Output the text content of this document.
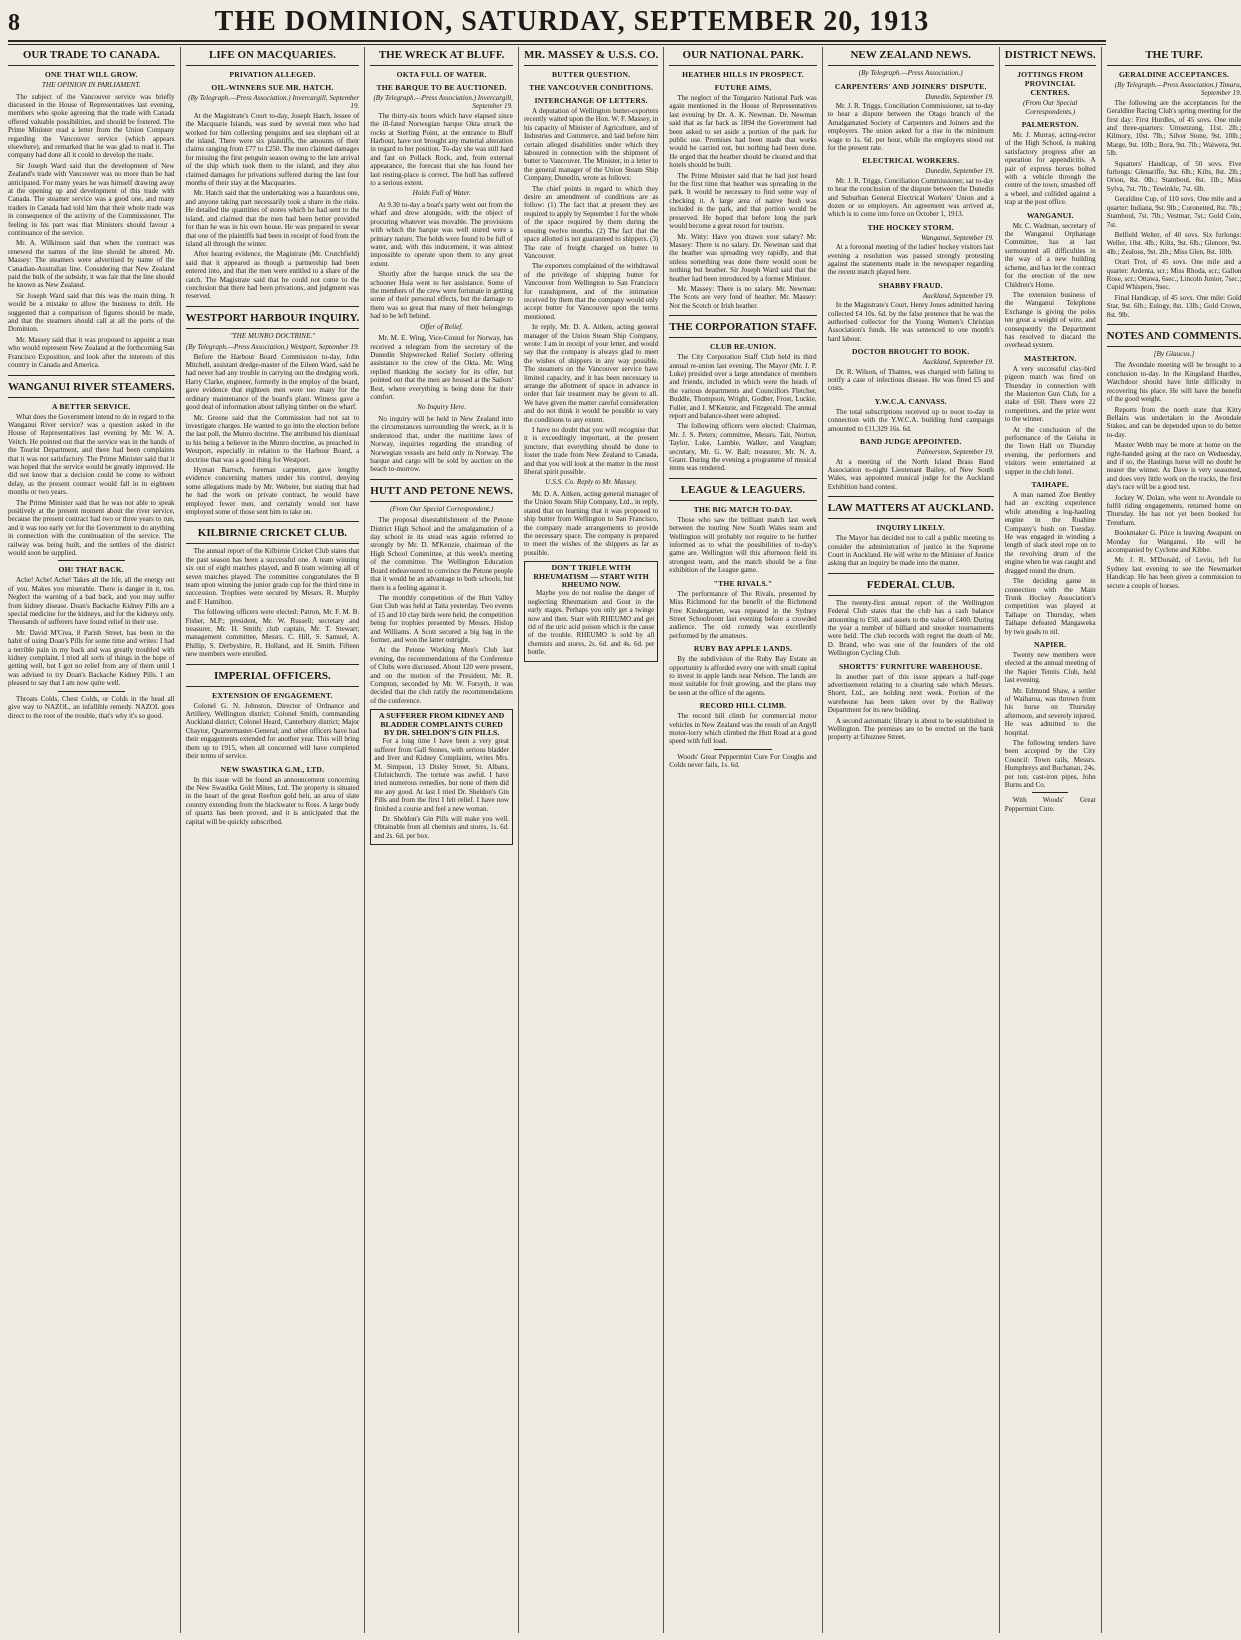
8	THE DOMINION, SATURDAY, SEPTEMBER 20, 1913
OUR TRADE TO CANADA.
ONE THAT WILL GROW.
THE OPINION IN PARLIAMENT.

The subject of the Vancouver service was briefly discussed in the House of Representatives last evening, members who spoke agreeing that the trade with Canada offered valuable possibilities, and should be fostered. The Prime Minister read a letter from the Union Company regarding the Vancouver service (which appears elsewhere), and remarked that he was glad to read it. The company had done all it could to develop the trade.

Sir Joseph Ward said that the development of New Zealand's trade with Vancouver was no more than he had anticipated. For many years he was himself drawing away at the opening up and development of this trade with Canada. The steamer service was a good one, and many traders in Canada had told him that their whole trade was in consequence of the activity of the Commissioner. The feeling in his part was that Ministers should favour a continuance of the service.

Mr. A. Wilkinson said that when the contract was renewed the names of the line should be altered. Mr. Massey: The steamers were advertised by name of the Canadian-Australian line. Considering that New Zealand paid the bulk of the subsidy, it was fair that the line should be known as New Zealand.

Sir Joseph Ward said that this was the main thing. It would be a mistake to allow the business to drift. He suggested that a comparison of figures should be made, and that the steamers should call at all the ports of the Dominion.

Mr. Massey said that it was proposed to appoint a man who would represent New Zealand at the forthcoming San Francisco Exposition, and look after the interests of this country in Canada and America.

WANGANUI RIVER STEAMERS.
A BETTER SERVICE.

What does the Government intend to do in regard to the Wanganui River service? was a question asked in the House of Representatives last evening by Mr. W. A. Veitch. He pointed out that the service was in the hands of the Tourist Department, and there had been complaints that it was not satisfactory. The Prime Minister said that it was hoped that the service would be greatly improved. He did not know that a decision could be come to without delay, as the present contract would fall in in eighteen months or two years.

The Prime Minister said that he was not able to speak positively at the present moment about the river service, because the present contract had two or three years to run, and it was too early yet for the Government to do anything in connection with the continuation of the service. The railway was being built, and the settlers of the district would soon be supplied.

OH! THAT BACK.

Ache! Ache! Ache! Takes all the life, all the energy out of you. Makes you miserable. There is danger in it, too. Neglect the warning of a bad back, and you may suffer from kidney disease. Doan's Backache Kidney Pills are a special medicine for the kidneys, and for the kidneys only. Thousands of sufferers have found relief in their use.

Mr. David M'Crea, 8 Parish Street, has been in the habit of using Doan's Pills for some time and writes: I had a terrible pain in my back and was greatly troubled with kidney complaint. I tried all sorts of things in the hope of getting well, but I got no relief from any of them until I was advised to try Doan's Backache Kidney Pills. I am pleased to say that I am now quite well.

Throats Colds, Chest Colds, or Colds in the head all give way to NAZOL, an infallible remedy. NAZOL goes direct to the root of the trouble, that's why it's so good.

LIFE ON MACQUARIES.
PRIVATION ALLEGED.
OIL-WINNERS SUE MR. HATCH.
(By Telegraph.—Press Association.) Invercargill, September 19.

At the Magistrate's Court to-day, Joseph Hatch, lessee of the Macquarie Islands, was sued by several men who had worked for him collecting penguins and sea elephant oil at the island. There were six plaintiffs, the amounts of their claims ranging from £77 to £250. The men claimed damages for missing the first penguin season owing to the late arrival of the ship which took them to the island, and they also claimed damages for privations suffered during the last four months of their stay at the Macquaries.

Mr. Hatch said that the undertaking was a hazardous one, and anyone taking part necessarily took a share in the risks. He detailed the quantities of stores which he had sent to the island, and claimed that the men had been better provided for than he was in his own house. He was prepared to swear that one of the plaintiffs had been in receipt of food from the island all through the winter.

After hearing evidence, the Magistrate (Mr. Crutchfield) said that it appeared as though a partnership had been entered into, and that the men were entitled to a share of the catch. The Magistrate said that he could not come to the conclusion that there had been privations, and judgment was reserved.

WESTPORT HARBOUR INQUIRY.
"THE MUNRO DOCTRINE."
(By Telegraph.—Press Association.) Westport, September 19.

Before the Harbour Board Commission to-day, John Mitchell, assistant dredge-master of the Eileen Ward, said he had never had any trouble in carrying out the dredging work. Harry Clarke, engineer, formerly in the employ of the board, gave evidence that eighteen men were too many for the ordinary maintenance of the board's plant. Witness gave a good deal of information about tallying timber on the wharf.

Mr. Greene said that the Commission had not sat to investigate charges. He wanted to go into the election before the last poll, the Munro doctrine. The attributed his dismissal to his being a believer in the Munro doctrine, as preached in Westport, especially in relation to the Harbour Board, a doctrine that was a good thing for Westport.

Hyman Barrsch, foreman carpenter, gave lengthy evidence concerning matters under his control, denying some allegations made by Mr. Webster, but stating that had he had the work on private contract, he would have employed fewer men, and certainly would not have employed some of those sent him to take on.

KILBIRNIE CRICKET CLUB.

The annual report of the Kilbirnie Cricket Club states that the past season has been a successful one. A team winning six out of eight matches played, and B team winning all of seven matches played. The committee congratulates the B team upon winning the junior grade cup for the third time in succession. Trophies were secured by Messrs. R. Murphy and F. Hamilton.

The following officers were elected: Patron, Mr. F. M. B. Fisher, M.P.; president, Mr. W. Russell; secretary and treasurer, Mr. H. Smith; club captain, Mr. T. Stewart; management committee, Messrs. C. Hill, S. Samuel, A. Phillip, S. Derbyshire, R. Holland, and H. Smith. Fifteen new members were enrolled.

IMPERIAL OFFICERS.
EXTENSION OF ENGAGEMENT.

Colonel G. N. Johnston, Director of Ordnance and Artillery, Wellington district; Colonel Smith, commanding Auckland district; Colonel Heard, Canterbury district; Major Chaytor, Quartermaster-General; and other officers have had their engagements extended for another year. This will bring them up to 1915, when all concerned will have completed their terms of service.

NEW SWASTIKA G.M., LTD.

In this issue will be found an announcement concerning the New Swastika Gold Mines, Ltd. The property is situated in the heart of the great Reefton gold belt, an area of slate country extending from the blackwater to Ross. A large body of quartz has been proved, and it is anticipated that the capital will be quickly subscribed.

THE WRECK AT BLUFF.
OKTA FULL OF WATER.
THE BARQUE TO BE AUCTIONED.
(By Telegraph.—Press Association.) Invercargill, September 19.

The thirty-six hours which have elapsed since the ill-fated Norwegian barque Okta struck the rocks at Sterling Point, at the entrance to Bluff Harbour, have not brought any material alteration in regard to her position. To-day she was still hard and fast on Pollack Rock, and, from external appearance, the forecast that she has found her last resting-place is correct. The hull has suffered to a serious extent.

Holds Full of Water.

At 9.30 to-day a boat's party went out from the wharf and drew alongside, with the object of procuring whatever was movable. The provisions with which the barque was well stored were a primary nature. The holds were found to be full of water, and, with this inducement, it was almost impossible to operate upon them to any great extent.

Shortly after the barque struck the sea the schooner Huia went to her assistance. Some of the members of the crew were fortunate in getting some of their personal effects, but the damage to them was so great that many of their belongings had to be left behind.

Offer of Relief.

Mr. M. E. Wing, Vice-Consul for Norway, has received a telegram from the secretary of the Dunedin Shipwrecked Relief Society offering assistance to the crew of the Okta. Mr. Wing replied thanking the society for its offer, but pointed out that the men are housed at the Sailors' Rest, where everything is being done for their comfort.

No Inquiry Here.

No inquiry will be held in New Zealand into the circumstances surrounding the wreck, as it is understood that, under the maritime laws of Norway, inquiries regarding the stranding of Norwegian vessels are held only in Norway. The barque and cargo will be sold by auction on the beach to-morrow.

HUTT AND PETONE NEWS.
(From Our Special Correspondent.)

The proposal disestablishment of the Petone District High School and the amalgamation of a day school in its stead was again referred to strongly by Mr. D. M'Kenzie, chairman of the High School Committee, at this week's meeting of the committee. The Wellington Education Board endeavoured to convince the Petone people that it would be an advantage to both schools, but there is a feeling against it.

The monthly competition of the Hutt Valley Gun Club was held at Taita yesterday. Two events of 15 and 10 clay birds were held, the competition being for trophies presented by Messrs. Hislop and Williams. A Scott secured a big bag in the former, and won the latter outright.

At the Petone Working Men's Club last evening, the recommendations of the Conference of Clubs were discussed. About 120 were present, and on the motion of the President, Mr. R. Compton, seconded by Mr. W. Forsyth, it was decided that the club ratify the recommendations of the conference.

A SUFFERER FROM KIDNEY AND BLADDER COMPLAINTS CURED BY DR. SHELDON'S GIN PILLS.

For a long time I have been a very great sufferer from Gall Stones, with serious bladder and liver and Kidney Complaints, writes Mrs. M. Simpson, 13 Disley Street, St. Albans, Christchurch. The torture was awful. I have tried numerous remedies, but none of them did me any good. At last I tried Dr. Sheldon's Gin Pills and from the first I felt relief. I have now finished a course and feel a new woman.

Dr. Sheldon's Gin Pills will make you well. Obtainable from all chemists and stores, 1s. 6d. and 2s. 6d. per box.

MR. MASSEY & U.S.S. CO.
BUTTER QUESTION.
THE VANCOUVER CONDITIONS.
INTERCHANGE OF LETTERS.

A deputation of Wellington butter-exporters recently waited upon the Hon. W. F. Massey, in his capacity of Minister of Agriculture, and of Industries and Commerce, and laid before him certain alleged disabilities under which they laboured in connection with the shipment of butter to Vancouver. The Minister, in a letter to the general manager of the Union Steam Ship Company, Dunedin, wrote as follows:

The chief points in regard to which they desire an amendment of conditions are as follow: (1) The fact that at present they are required to apply by September 1 for the whole of the space required by them during the ensuing twelve months. (2) The fact that the space allotted is not guaranteed to shippers. (3) The rate of freight charged on butter to Vancouver.

The exporters complained of the withdrawal of the privilege of shipping butter for Vancouver from Wellington to San Francisco for transhipment, and of the intimation received by them that the company would only accept butter for Vancouver upon the terms mentioned.

In reply, Mr. D. A. Aitken, acting general manager of the Union Steam Ship Company, wrote: I am in receipt of your letter, and would say that the company is always glad to meet the wishes of shippers in any way possible. The steamers on the Vancouver service have limited capacity, and it has been necessary to arrange the allotment of space in advance in order that fair treatment may be given to all. We have given the matter careful consideration and do not think it would be possible to vary the conditions to any extent.

I have no doubt that you will recognise that it is exceedingly important, at the present juncture, that everything should be done to foster the trade from New Zealand to Canada, and that you will look at the matter in the most liberal spirit possible.

U.S.S. Co. Reply to Mr. Massey.

Mr. D. A. Aitken, acting general manager of the Union Steam Ship Company, Ltd., in reply, stated that on learning that it was proposed to ship butter from Wellington to San Francisco, the company made arrangements to provide the necessary space. The company is prepared to meet the wishes of the shippers as far as possible.

DON'T TRIFLE WITH RHEUMATISM — START WITH RHEUMO NOW.

Maybe you do not realise the danger of neglecting Rheumatism and Gout in the early stages. Perhaps you only get a twinge now and then. Start with RHEUMO and get rid of the uric acid poison which is the cause of the trouble. RHEUMO is sold by all chemists and stores, 2s. 6d. and 4s. 6d. per bottle.

OUR NATIONAL PARK.
HEATHER HILLS IN PROSPECT.
FUTURE AIMS.

The neglect of the Tongariro National Park was again mentioned in the House of Representatives last evening by Dr. A. K. Newman. Dr. Newman said that as far back as 1894 the Government had been asked to set aside a portion of the park for public use. Promises had been made that works would be carried out, but nothing had been done. He urged that the heather should be cleared and that hotels should be built.

The Prime Minister said that he had just heard for the first time that heather was spreading in the park. It would be necessary to find some way of checking it. A large area of native bush was included in the park, and that portion would be preserved. He hoped that before long the park would become a great resort for tourists.

Mr. Witty: Have you drawn your salary? Mr. Massey: There is no salary. Dr. Newman said that the heather was spreading very rapidly, and that unless something was done there would soon be nothing but heather. Sir Joseph Ward said that the heather had been introduced by a former Minister.

Mr. Massey: There is no salary. Mr. Newman: The Scots are very fond of heather. Mr. Massey: Not the Scotch or Irish heather.

THE CORPORATION STAFF.
CLUB RE-UNION.

The City Corporation Staff Club held its third annual re-union last evening. The Mayor (Mr. J. P. Luke) presided over a large attendance of members and friends, included in which were the heads of the various departments and Councillors Fletcher, Buddle, Thompson, Wright, Godber, Frost, Luckie, Fuller, and J. M'Kenzie, and Fitzgerald. The annual report and balance-sheet were adopted.

The following officers were elected: Chairman, Mr. J. S. Peters; committee, Messrs. Tait, Norton, Taylor, Luke, Lambie, Walker, and Vaughan; secretary, Mr. G. W. Ball; treasurer, Mr. N. A. Grant. During the evening a programme of musical items was rendered.

LEAGUE & LEAGUERS.
THE BIG MATCH TO-DAY.

Those who saw the brilliant match last week between the touring New South Wales team and Wellington will probably not require to be further informed as to what the possibilities of to-day's game are. Wellington will this afternoon field its strongest team, and the match should be a fine exhibition of the League game.

"THE RIVALS."

The performance of The Rivals, presented by Miss Richmond for the benefit of the Richmond Free Kindergarten, was repeated in the Sydney Street Schoolroom last evening before a crowded audience. The old comedy was excellently performed by the amateurs.

RUBY BAY APPLE LANDS.

By the subdivision of the Ruby Bay Estate an opportunity is afforded every one with small capital to invest in apple lands near Nelson. The lands are most suitable for fruit growing, and the plans may be seen at the office of the agents.

RECORD HILL CLIMB.

The record hill climb for commercial motor vehicles in New Zealand was the result of an Argyll motor-lorry which climbed the Hutt Road at a good speed with full load.

Woods' Great Peppermint Cure For Coughs and Colds never fails, 1s. 6d.

NEW ZEALAND NEWS.
(By Telegraph.—Press Association.)
CARPENTERS' AND JOINERS' DISPUTE.
Dunedin, September 19.

Mr. J. R. Triggs, Conciliation Commissioner, sat to-day to hear a dispute between the Otago branch of the Amalgamated Society of Carpenters and Joiners and the employers. The union asked for a rise in the minimum wage to 1s. 6d. per hour, while the employers stood out for the present rate.

ELECTRICAL WORKERS.
Dunedin, September 19.

Mr. J. R. Triggs, Conciliation Commissioner, sat to-day to hear the conclusion of the dispute between the Dunedin and Suburban General Electrical Workers' Union and a dozen or so employers. An agreement was arrived at, which is to come into force on October 1, 1913.

THE HOCKEY STORM.
Wanganui, September 19.

At a foreonal meeting of the ladies' hockey visitors last evening a resolution was passed strongly protesting against the statements made in the newspaper regarding the recent match played here.

SHABBY FRAUD.
Auckland, September 19.

In the Magistrate's Court, Henry Jones admitted having collected £4 10s. 6d. by the false pretence that he was the authorised collector for the Young Women's Christian Association's funds. He was sentenced to one month's hard labour.

DOCTOR BROUGHT TO BOOK.
Auckland, September 19.

Dr. R. Wilson, of Thames, was charged with failing to notify a case of infectious disease. He was fined £5 and costs.

Y.W.C.A. CANVASS.

The total subscriptions received up to noon to-day in connection with the Y.W.C.A. building fund campaign amounted to £11,329 16s. 6d.

BAND JUDGE APPOINTED.
Palmerston, September 19.

At a meeting of the North Island Brass Band Association to-night Lieutenant Bailey, of New South Wales, was appointed musical judge for the Auckland Exhibition band contest.

LAW MATTERS AT AUCKLAND.
INQUIRY LIKELY.

The Mayor has decided not to call a public meeting to consider the administration of justice in the Supreme Court in Auckland. He will write to the Minister of Justice asking that an inquiry be made into the matter.

FEDERAL CLUB.

The twenty-first annual report of the Wellington Federal Club states that the club has a cash balance amounting to £50, and assets to the value of £400. During the year a number of billiard and snooker tournaments were held. The club records with regret the death of Mr. D. Brand, who was one of the founders of the old Wellington Cycling Club.

SHORTTS' FURNITURE WAREHOUSE.

In another part of this issue appears a half-page advertisement relating to a clearing sale which Messrs. Shortt, Ltd., are holding next week. Portion of the warehouse has been taken over by the Railway Department for its new building.

A second automatic library is about to be established in Wellington. The premises are to be erected on the bank property at Ghuznee Street.

DISTRICT NEWS.
JOTTINGS FROM PROVINCIAL CENTRES.
(From Our Special Correspondents.)
PALMERSTON.

Mr. J. Murray, acting-rector of the High School, is making satisfactory progress after an operation for appendicitis. A pair of express horses bolted with a vehicle through the centre of the town, smashed off a wheel, and collided against a trap at the post office.

WANGANUI.

Mr. C. Wadman, secretary of the Wanganui Orphanage Committee, has at last surmounted all difficulties in the way of a new building scheme, and has let the contract for the erection of the new Children's Home.

The extension business of the Wanganui Telephone Exchange is giving the poles ten great a weight of wire, and consequently the Department has resolved to discard the overhead system.

MASTERTON.

A very successful clay-bird pigeon match was fired on Thursday in connection with the Masterton Gun Club, for a stake of £60. There were 22 competitors, and the prize went to the winner.

At the conclusion of the performance of the Geisha in the Town Hall on Thursday evening, the performers and visitors were entertained at supper in the club hotel.

TAIHAPE.

A man named Zoe Bentley had an exciting experience while attending a log-hauling engine in the Ruahine Company's bush on Tuesday. He was engaged in winding a length of slack steel rope on to the revolving drum of the engine when he was caught and dragged round the drum.

The deciding game in connection with the Main Trunk Hockey Association's competition was played at Taihape on Thursday, when Taihape defeated Mangaweka by two goals to nil.

NAPIER.

Twenty new members were elected at the annual meeting of the Napier Tennis Club, held last evening.

Mr. Edmund Shaw, a settler of Waiharoa, was thrown from his horse on Thursday afternoon, and severely injured. He was admitted to the hospital.

The following tenders have been accepted by the City Council: Town rails, Messrs. Humphreys and Buchanan, 24s. per ton; cast-iron pipes, John Burns and Co.

With Woods' Great Peppermint Cure.

THE TURF.
GERALDINE ACCEPTANCES.
(By Telegraph.—Press Association.) Timaru, September 19.

The following are the acceptances for the Geraldine Racing Club's spring meeting for the first day: First Hurdles, of 45 sovs. One mile and three-quarters: Umsetzung, 11st. 2lb.; Kilmory, 10st. 7lb.; Silver Stone, 9st. 10lb.; Marge, 9st. 10lb.; Bora, 9st. 7lb.; Waiwera, 9st. 5lb.

Squatters' Handicap, of 50 sovs. Five furlongs: Glenariffe, 9st. 6lb.; Kilts, 8st. 2lb.; Orion, 8st. 0lb.; Stamboul, 8st. 1lb.; Miss Sylva, 7st. 7lb.; Tewinkle, 7st. 6lb.

Geraldine Cup, of 110 sovs. One mile and a quarter: Indiana, 9st. 9lb.; Coronetted, 8st. 7lb.; Stamboul, 7st. 7lb.; Vestmar, 7st.; Gold Coin, 7st.

Belfield Welter, of 40 sovs. Six furlongs: Weller, 10st. 4lb.; Kilts, 9st. 6lb.; Glenore, 9st. 4lb.; Zealous, 9st. 2lb.; Miss Glen, 8st. 10lb.

Orari Trot, of 45 sovs. One mile and a quarter: Ardenta, scr.; Miss Rhoda, scr.; Gallon Rose, scr.; Ottawa, 6sec.; Lincoln Junior, 7sec.; Cupid Whispers, 9sec.

Final Handicap, of 45 sovs. One mile: Gold Star, 9st. 6lb.; Eulogy, 8st. 13lb.; Gold Crown, 8st. 9lb.

NOTES AND COMMENTS.
[By Glaucus.]

The Avondale meeting will be brought to a conclusion to-day. In the Kingsland Hurdles, Watchdoor should have little difficulty in recovering his place. He will have the benefit of the good weight.

Reports from the north state that Kitty Bellairs was undertaken in the Avondale Stakes, and can be depended upon to do better to-day.

Master Webb may be more at home on the right-handed going at the race on Wednesday, and if so, the Hastings horse will no doubt be nearer the winner. As Dave is very seasoned, and does very little work on the tracks, the first day's race will be a good test.

Jockey W. Dolan, who went to Avondale to fulfil riding engagements, returned home on Thursday. He has not yet been booked for Trentham.

Bookmaker G. Price is leaving Awapuni on Monday for Wanganui. He will be accompanied by Cyclone and Kibbe.

Mr. J. R. M'Donald, of Levin, left for Sydney last evening to see the Newmarket Handicap. He has been given a commission to secure a couple of horses.
